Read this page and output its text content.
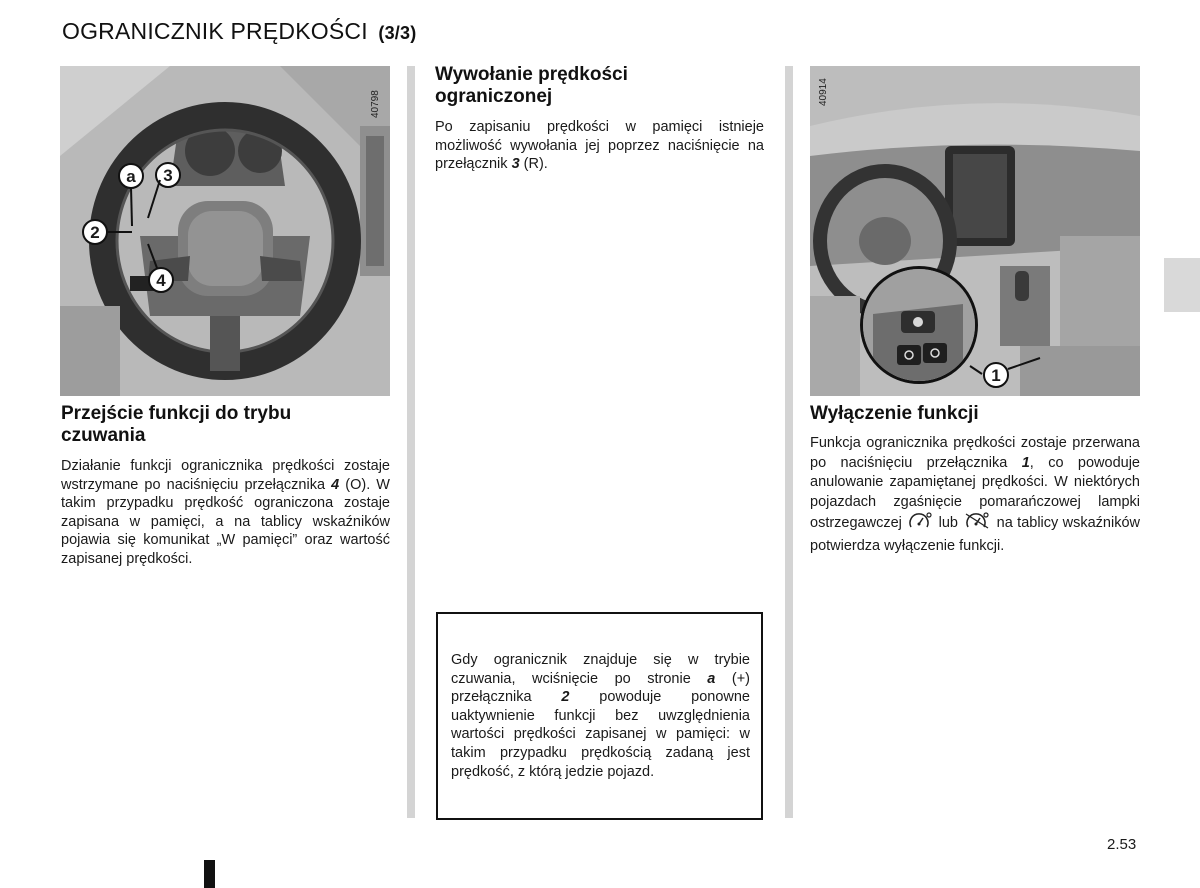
OGRANICZNIK PRĘDKOŚCI (3/3)
40798
a	3
2
4
Przejście funkcji do trybu czuwania
Działanie funkcji ogranicznika prędkości zostaje wstrzymane po naciśnięciu przełącznika 4 (O). W takim przypadku prędkość ograniczona zostaje zapisana w pamięci, a na tablicy wskaźników pojawia się komunikat „W pamięci” oraz wartość zapisanej prędkości.
Wywołanie prędkości ograniczonej
Po zapisaniu prędkości w pamięci istnieje możliwość wywołania jej poprzez naciśnięcie na przełącznik 3 (R).
Gdy ogranicznik znajduje się w trybie czuwania, wciśnięcie po stronie a (+) przełącznika 2 powoduje ponowne uaktywnienie funkcji bez uwzględnienia wartości prędkości zapisanej w pamięci: w takim przypadku prędkością zadaną jest prędkość, z którą jedzie pojazd.
40914
1
Wyłączenie funkcji
Funkcja ogranicznika prędkości zostaje przerwana po naciśnięciu przełącznika 1, co powoduje anulowanie zapamiętanej prędkości. W niektórych pojazdach zgaśnięcie pomarańczowej lampki ostrzegawczej  lub  na tablicy wskaźników potwierdza wyłączenie funkcji.
2.53
